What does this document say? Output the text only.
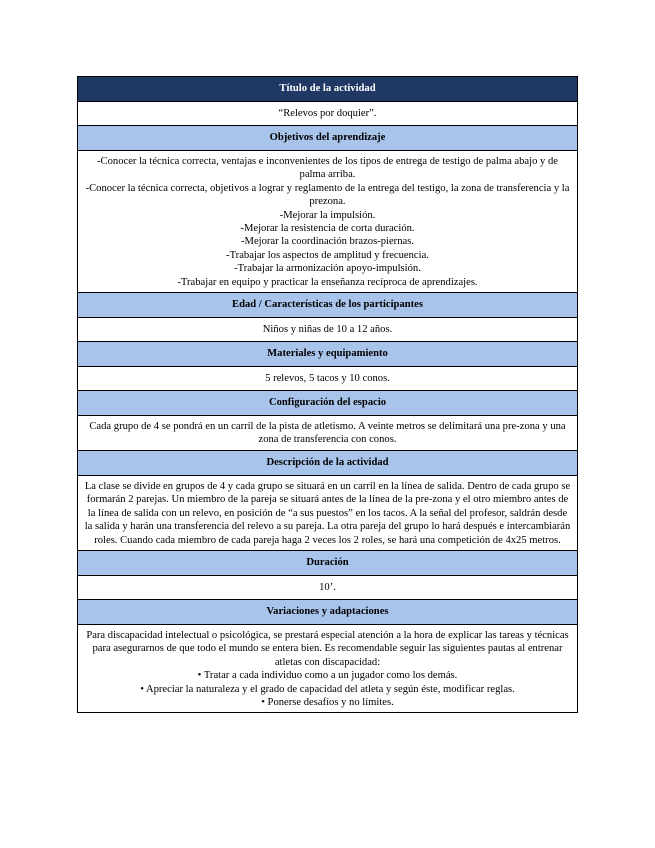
Título de la actividad
“Relevos por doquier”.
Objetivos del aprendizaje
-Conocer la técnica correcta, ventajas e inconvenientes de los tipos de entrega de testigo de palma abajo y de palma arriba.
-Conocer la técnica correcta, objetivos a lograr y reglamento de la entrega del testigo, la zona de transferencia y la prezona.
-Mejorar la impulsión.
-Mejorar la resistencia de corta duración.
-Mejorar la coordinación brazos-piernas.
-Trabajar los aspectos de amplitud y frecuencia.
-Trabajar la armonización apoyo-impulsión.
-Trabajar en equipo y practicar la enseñanza recíproca de aprendizajes.
Edad / Características de los participantes
Niños y niñas de 10 a 12 años.
Materiales y equipamiento
5 relevos, 5 tacos y 10 conos.
Configuración del espacio
Cada grupo de 4 se pondrá en un carril de la pista de atletismo. A veinte metros se delimitará una pre-zona y una zona de transferencia con conos.
Descripción de la actividad
La clase se divide en grupos de 4 y cada grupo se situará en un carril en la línea de salida. Dentro de cada grupo se formarán 2 parejas. Un miembro de la pareja se situará antes de la línea de la pre-zona y el otro miembro antes de la línea de salida con un relevo, en posición de “a sus puestos” en los tacos. A la señal del profesor, saldrán desde la salida y harán una transferencia del relevo a su pareja. La otra pareja del grupo lo hará después e intercambiarán roles. Cuando cada miembro de cada pareja haga 2 veces los 2 roles, se hará una competición de 4x25 metros.
Duración
10’.
Variaciones y adaptaciones
Para discapacidad intelectual o psicológica, se prestará especial atención a la hora de explicar las tareas y técnicas para asegurarnos de que todo el mundo se entera bien. Es recomendable seguir las siguientes pautas al entrenar atletas con discapacidad:
• Tratar a cada individuo como a un jugador como los demás.
• Apreciar la naturaleza y el grado de capacidad del atleta y según éste, modificar reglas.
• Ponerse desafíos y no límites.
